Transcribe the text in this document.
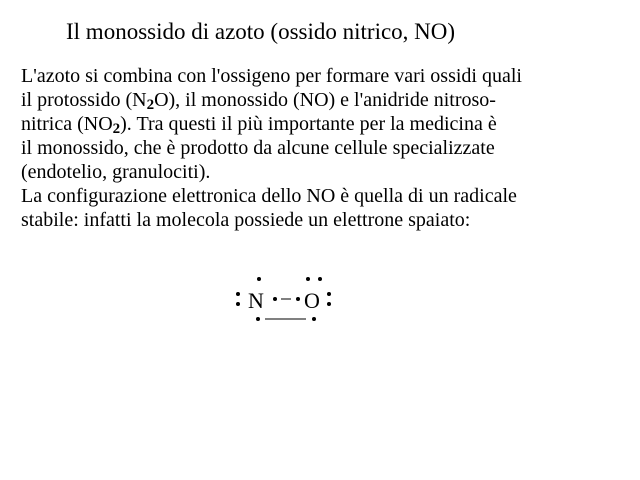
Il monossido di azoto (ossido nitrico, NO)
L'azoto si combina con l'ossigeno per formare vari ossidi quali
il protossido $(N_2O)$, il monossido (NO) e l'anidride nitroso-
nitrica $(NO_2)$. Tra questi il più importante per la medicina è
il monossido, che è prodotto da alcune cellule specializzate
(endotelio, granulociti).
La configurazione elettronica dello NO è quella di un radicale
stabile: infatti la molecola possiede un elettrone spaiato:
N O
